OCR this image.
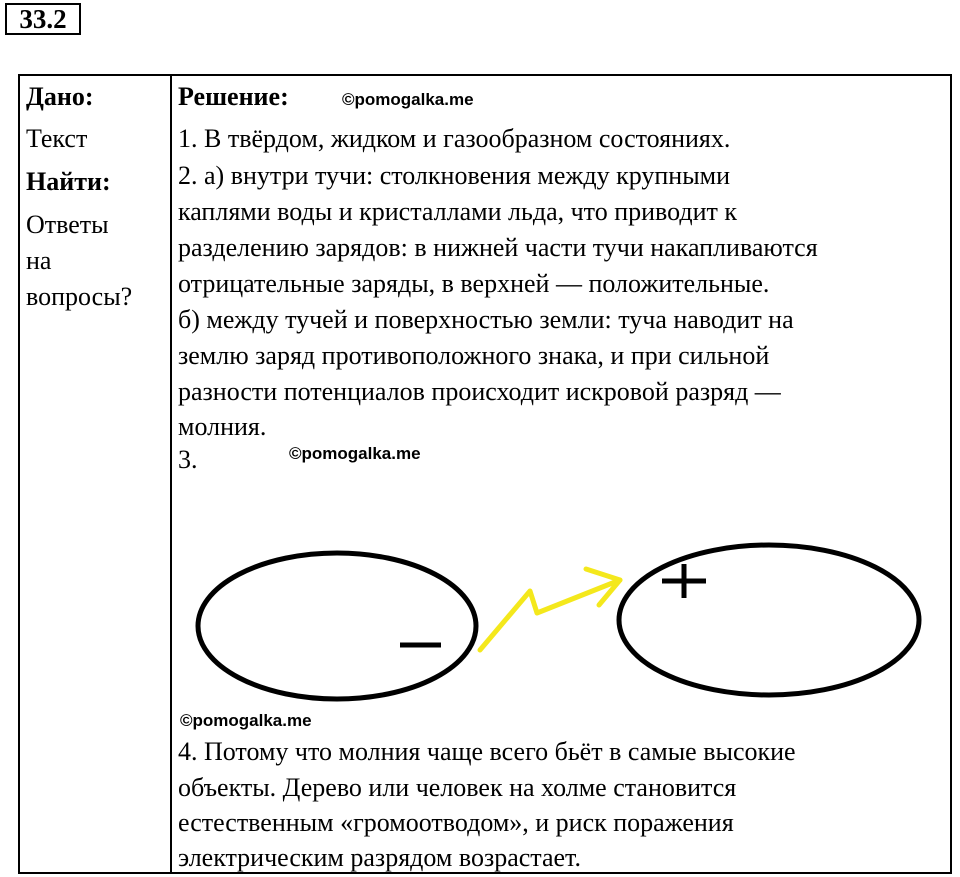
33.2
Дано:
Текст
Найти:
Ответы
на
вопросы?
Решение:	©pomogalka.me
1. В твёрдом, жидком и газообразном состояниях.
2. а) внутри тучи: столкновения между крупными
каплями воды и кристаллами льда, что приводит к
разделению зарядов: в нижней части тучи накапливаются
отрицательные заряды, в верхней — положительные.
б) между тучей и поверхностью земли: туча наводит на
землю заряд противоположного знака, и при сильной
разности потенциалов происходит искровой разряд —
молния.
3.	©pomogalka.me
©pomogalka.me
4. Потому что молния чаще всего бьёт в самые высокие
объекты. Дерево или человек на холме становится
естественным «громоотводом», и риск поражения
электрическим разрядом возрастает.
